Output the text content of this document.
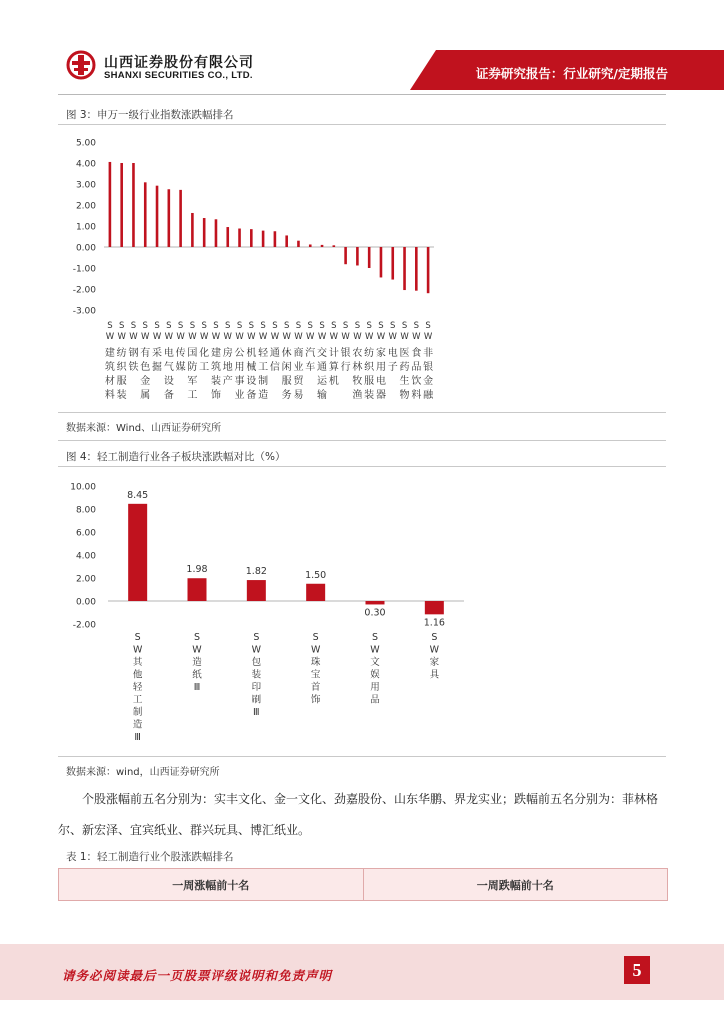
山西证券股份有限公司
SHANXI SECURITIES CO., LTD.	证券研究报告：行业研究/定期报告
图 3：申万一级行业指数涨跌幅排名
5.00
4.00
3.00
2.00
1.00
0.00
-1.00
-2.00
-3.00
S
W
建
筑
材
料
S
W
纺
织
服
装
S
W
钢
铁
S
W
有
色
金
属
S
W
采
掘
S
W
电
气
设
备
S
W
传
媒
S
W
国
防
军
工
S
W
化
工
S
W
建
筑
装
饰
S
W
房
地
产
S
W
公
用
事
业
S
W
机
械
设
备
S
W
轻
工
制
造
S
W
通
信
S
W
休
闲
服
务
S
W
商
业
贸
易
S
W
汽
车
S
W
交
通
运
输
S
W
计
算
机
S
W
银
行
S
W
农
林
牧
渔
S
W
纺
织
服
装
S
W
家
用
电
器
S
W
电
子
S
W
医
药
生
物
S
W
食
品
饮
料
S
W
非
银
金
融
数据来源：Wind、山西证券研究所
图 4：轻工制造行业各子板块涨跌幅对比（%）
10.00
8.00
6.00
4.00
2.00
0.00
-2.00
8.45
S
W
其
他
轻
工
制
造
Ⅲ
1.98
S
W
造
纸
Ⅲ
1.82
S
W
包
装
印
刷
Ⅲ
1.50
S
W
珠
宝
首
饰
0.30
S
W
文
娱
用
品
1.16
S
W
家
具
数据来源：wind，山西证券研究所
个股涨幅前五名分别为：实丰文化、金一文化、劲嘉股份、山东华鹏、界龙实业；跌幅前五名分别为：菲林格尔、新宏泽、宜宾纸业、群兴玩具、博汇纸业。
表 1：轻工制造行业个股涨跌幅排名
一周涨幅前十名	一周跌幅前十名
请务必阅读最后一页股票评级说明和免责声明	5
